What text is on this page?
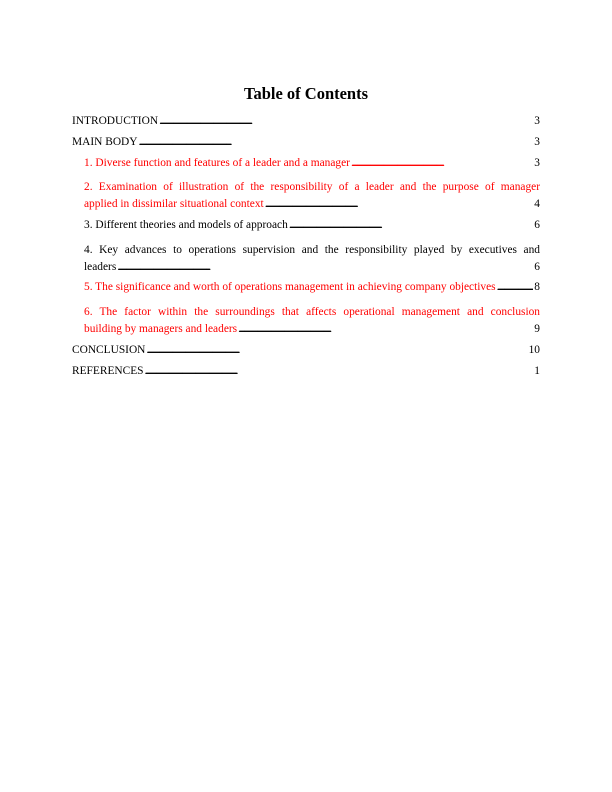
Table of Contents
INTRODUCTION . . .	3
MAIN BODY . . .	3
1. Diverse function and features of a leader and a manager . . .	3
2. Examination of illustration of the responsibility of a leader and the purpose of manager
applied in dissimilar situational context . . .	4
3. Different theories and models of approach . . .	6
4. Key advances to operations supervision and the responsibility played by executives and
leaders . . .	6
5. The significance and worth of operations management in achieving company objectives . . .	8
6. The factor within the surroundings that affects operational management and conclusion
building by managers and leaders . . .	9
CONCLUSION . . .	10
REFERENCES . . .	1
